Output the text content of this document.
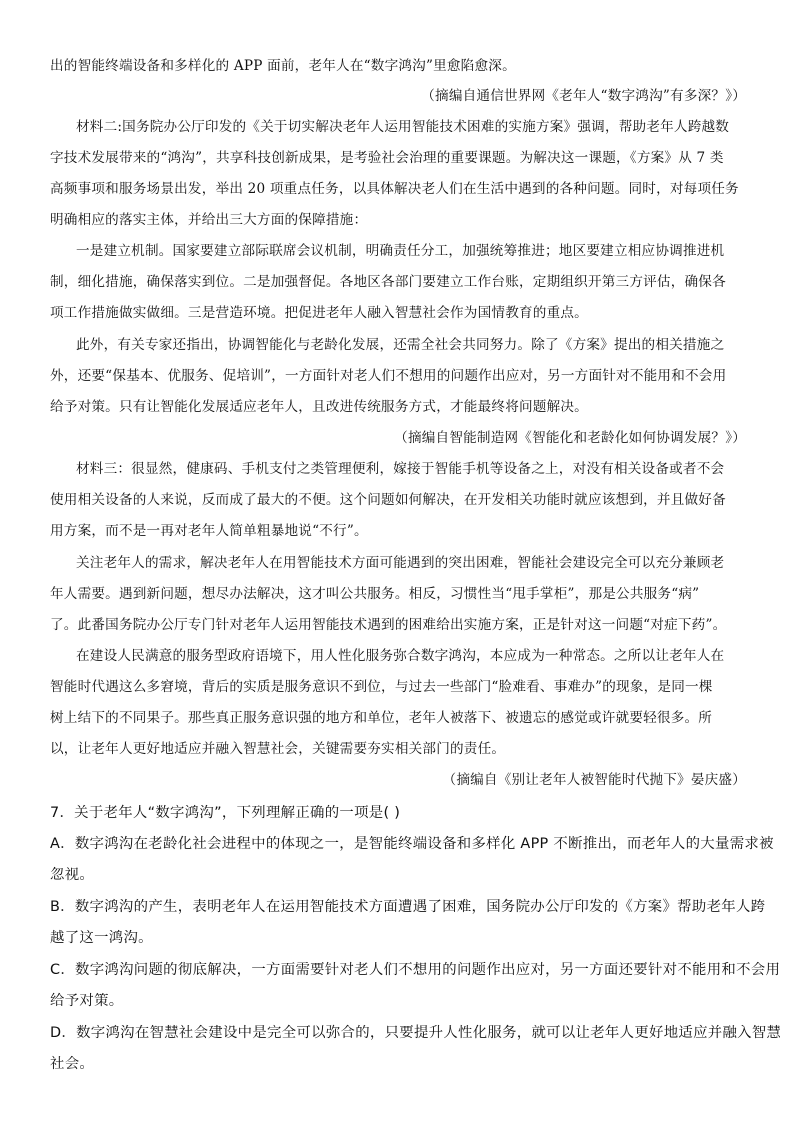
出的智能终端设备和多样化的 APP 面前，老年人在“数字鸿沟”里愈陷愈深。
（摘编自通信世界网《老年人“数字鸿沟”有多深？》）
材料二:国务院办公厅印发的《关于切实解决老年人运用智能技术困难的实施方案》强调，帮助老年人跨越数
字技术发展带来的“鸿沟”，共享科技创新成果，是考验社会治理的重要课题。为解决这一课题，《方案》从 7 类
高频事项和服务场景出发，举出 20 项重点任务，以具体解决老人们在生活中遇到的各种问题。同时，对每项任务
明确相应的落实主体，并给出三大方面的保障措施：
一是建立机制。国家要建立部际联席会议机制，明确责任分工，加强统筹推进；地区要建立相应协调推进机
制，细化措施，确保落实到位。二是加强督促。各地区各部门要建立工作台账，定期组织开第三方评估，确保各
项工作措施做实做细。三是营造环境。把促进老年人融入智慧社会作为国情教育的重点。
此外，有关专家还指出，协调智能化与老龄化发展，还需全社会共同努力。除了《方案》提出的相关措施之
外，还要“保基本、优服务、促培训”，一方面针对老人们不想用的问题作出应对，另一方面针对不能用和不会用
给予对策。只有让智能化发展适应老年人，且改进传统服务方式，才能最终将问题解决。
（摘编自智能制造网《智能化和老龄化如何协调发展？》）
材料三：很显然，健康码、手机支付之类管理便利，嫁接于智能手机等设备之上，对没有相关设备或者不会
使用相关设备的人来说，反而成了最大的不便。这个问题如何解决，在开发相关功能时就应该想到，并且做好备
用方案，而不是一再对老年人简单粗暴地说“不行”。
关注老年人的需求，解决老年人在用智能技术方面可能遇到的突出困难，智能社会建设完全可以充分兼顾老
年人需要。遇到新问题，想尽办法解决，这才叫公共服务。相反，习惯性当“甩手掌柜”，那是公共服务“病”
了。此番国务院办公厅专门针对老年人运用智能技术遇到的困难给出实施方案，正是针对这一问题“对症下药”。
在建设人民满意的服务型政府语境下，用人性化服务弥合数字鸿沟，本应成为一种常态。之所以让老年人在
智能时代遇这么多窘境，背后的实质是服务意识不到位，与过去一些部门“脸难看、事难办”的现象，是同一棵
树上结下的不同果子。那些真正服务意识强的地方和单位，老年人被落下、被遗忘的感觉或许就要轻很多。所
以，让老年人更好地适应并融入智慧社会，关键需要夯实相关部门的责任。
（摘编自《别让老年人被智能时代抛下》晏庆盛）
7．关于老年人“数字鸿沟”，下列理解正确的一项是( )
A．数字鸿沟在老龄化社会进程中的体现之一，是智能终端设备和多样化 APP 不断推出，而老年人的大量需求被
忽视。
B．数字鸿沟的产生，表明老年人在运用智能技术方面遭遇了困难，国务院办公厅印发的《方案》帮助老年人跨
越了这一鸿沟。
C．数字鸿沟问题的彻底解决，一方面需要针对老人们不想用的问题作出应对，另一方面还要针对不能用和不会用
给予对策。
D．数字鸿沟在智慧社会建设中是完全可以弥合的，只要提升人性化服务，就可以让老年人更好地适应并融入智慧
社会。
